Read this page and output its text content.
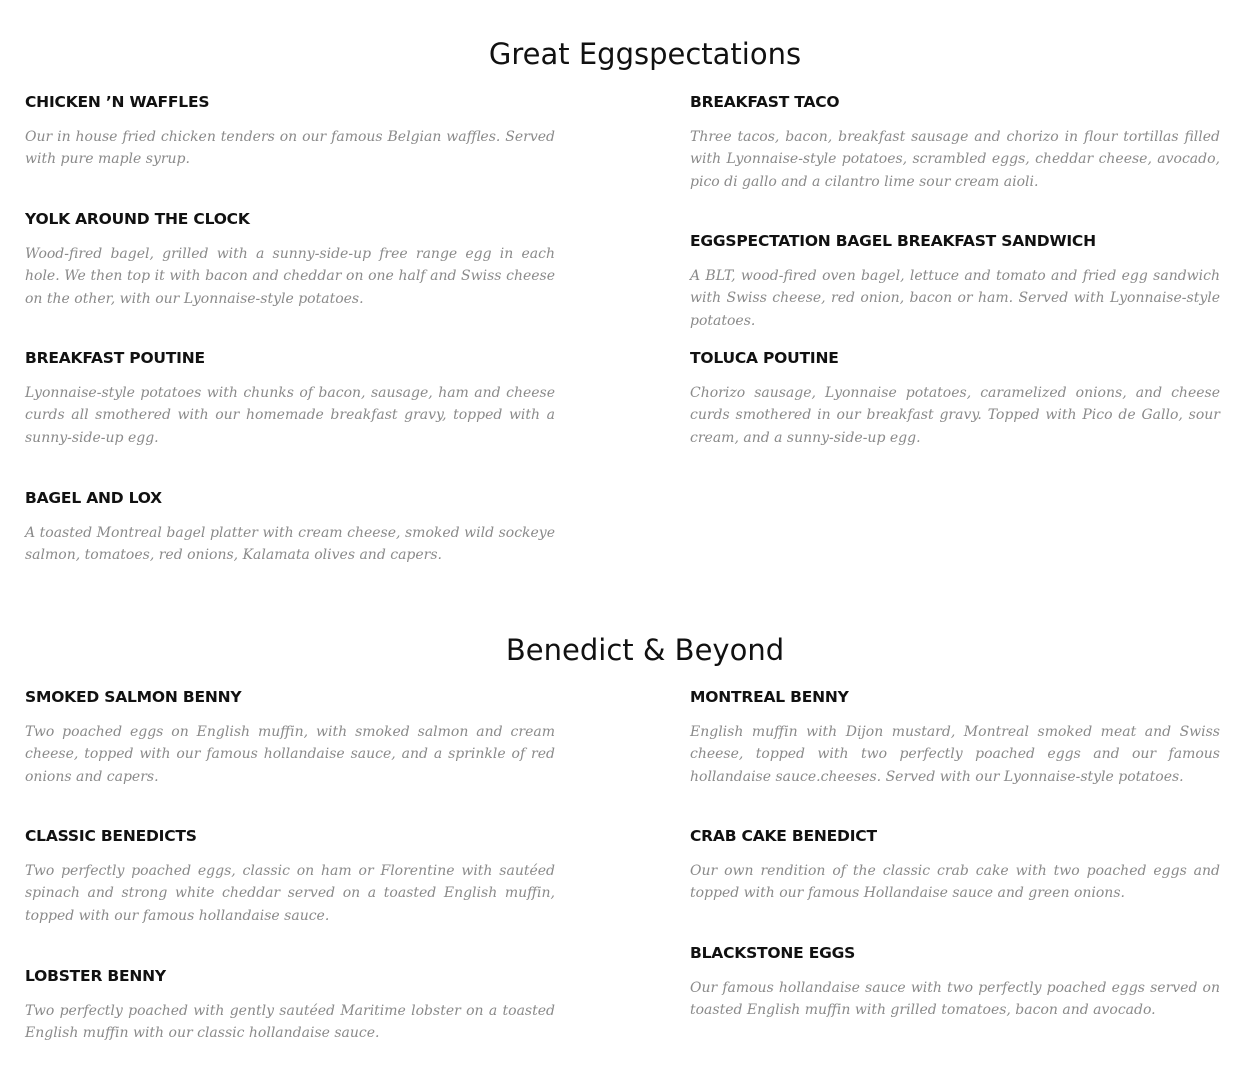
Great Eggspectations
CHICKEN ’N WAFFLES

Our in house fried chicken tenders on our famous Belgian waffles. Served with pure maple syrup.

YOLK AROUND THE CLOCK

Wood-fired bagel, grilled with a sunny-side-up free range egg in each hole. We then top it with bacon and cheddar on one half and Swiss cheese on the other, with our Lyonnaise-style potatoes.

BREAKFAST POUTINE

Lyonnaise-style potatoes with chunks of bacon, sausage, ham and cheese curds all smothered with our homemade breakfast gravy, topped with a sunny-side-up egg.

BAGEL AND LOX

A toasted Montreal bagel platter with cream cheese, smoked wild sockeye salmon, tomatoes, red onions, Kalamata olives and capers.

BREAKFAST TACO

Three tacos, bacon, breakfast sausage and chorizo in flour tortillas filled with Lyonnaise-style potatoes, scrambled eggs, cheddar cheese, avocado, pico di gallo and a cilantro lime sour cream aioli.

EGGSPECTATION BAGEL BREAKFAST SANDWICH

A BLT, wood-fired oven bagel, lettuce and tomato and fried egg sandwich with Swiss cheese, red onion, bacon or ham. Served with Lyonnaise-style potatoes.

TOLUCA POUTINE

Chorizo sausage, Lyonnaise potatoes, caramelized onions, and cheese curds smothered in our breakfast gravy. Topped with Pico de Gallo, sour cream, and a sunny-side-up egg.

Benedict & Beyond
SMOKED SALMON BENNY

Two poached eggs on English muffin, with smoked salmon and cream cheese, topped with our famous hollandaise sauce, and a sprinkle of red onions and capers.

CLASSIC BENEDICTS

Two perfectly poached eggs, classic on ham or Florentine with sautéed spinach and strong white cheddar served on a toasted English muffin, topped with our famous hollandaise sauce.

LOBSTER BENNY

Two perfectly poached with gently sautéed Maritime lobster on a toasted English muffin with our classic hollandaise sauce.

MONTREAL BENNY

English muffin with Dijon mustard, Montreal smoked meat and Swiss cheese, topped with two perfectly poached eggs and our famous hollandaise sauce.cheeses. Served with our Lyonnaise-style potatoes.

CRAB CAKE BENEDICT

Our own rendition of the classic crab cake with two poached eggs and topped with our famous Hollandaise sauce and green onions.

BLACKSTONE EGGS

Our famous hollandaise sauce with two perfectly poached eggs served on toasted English muffin with grilled tomatoes, bacon and avocado.
